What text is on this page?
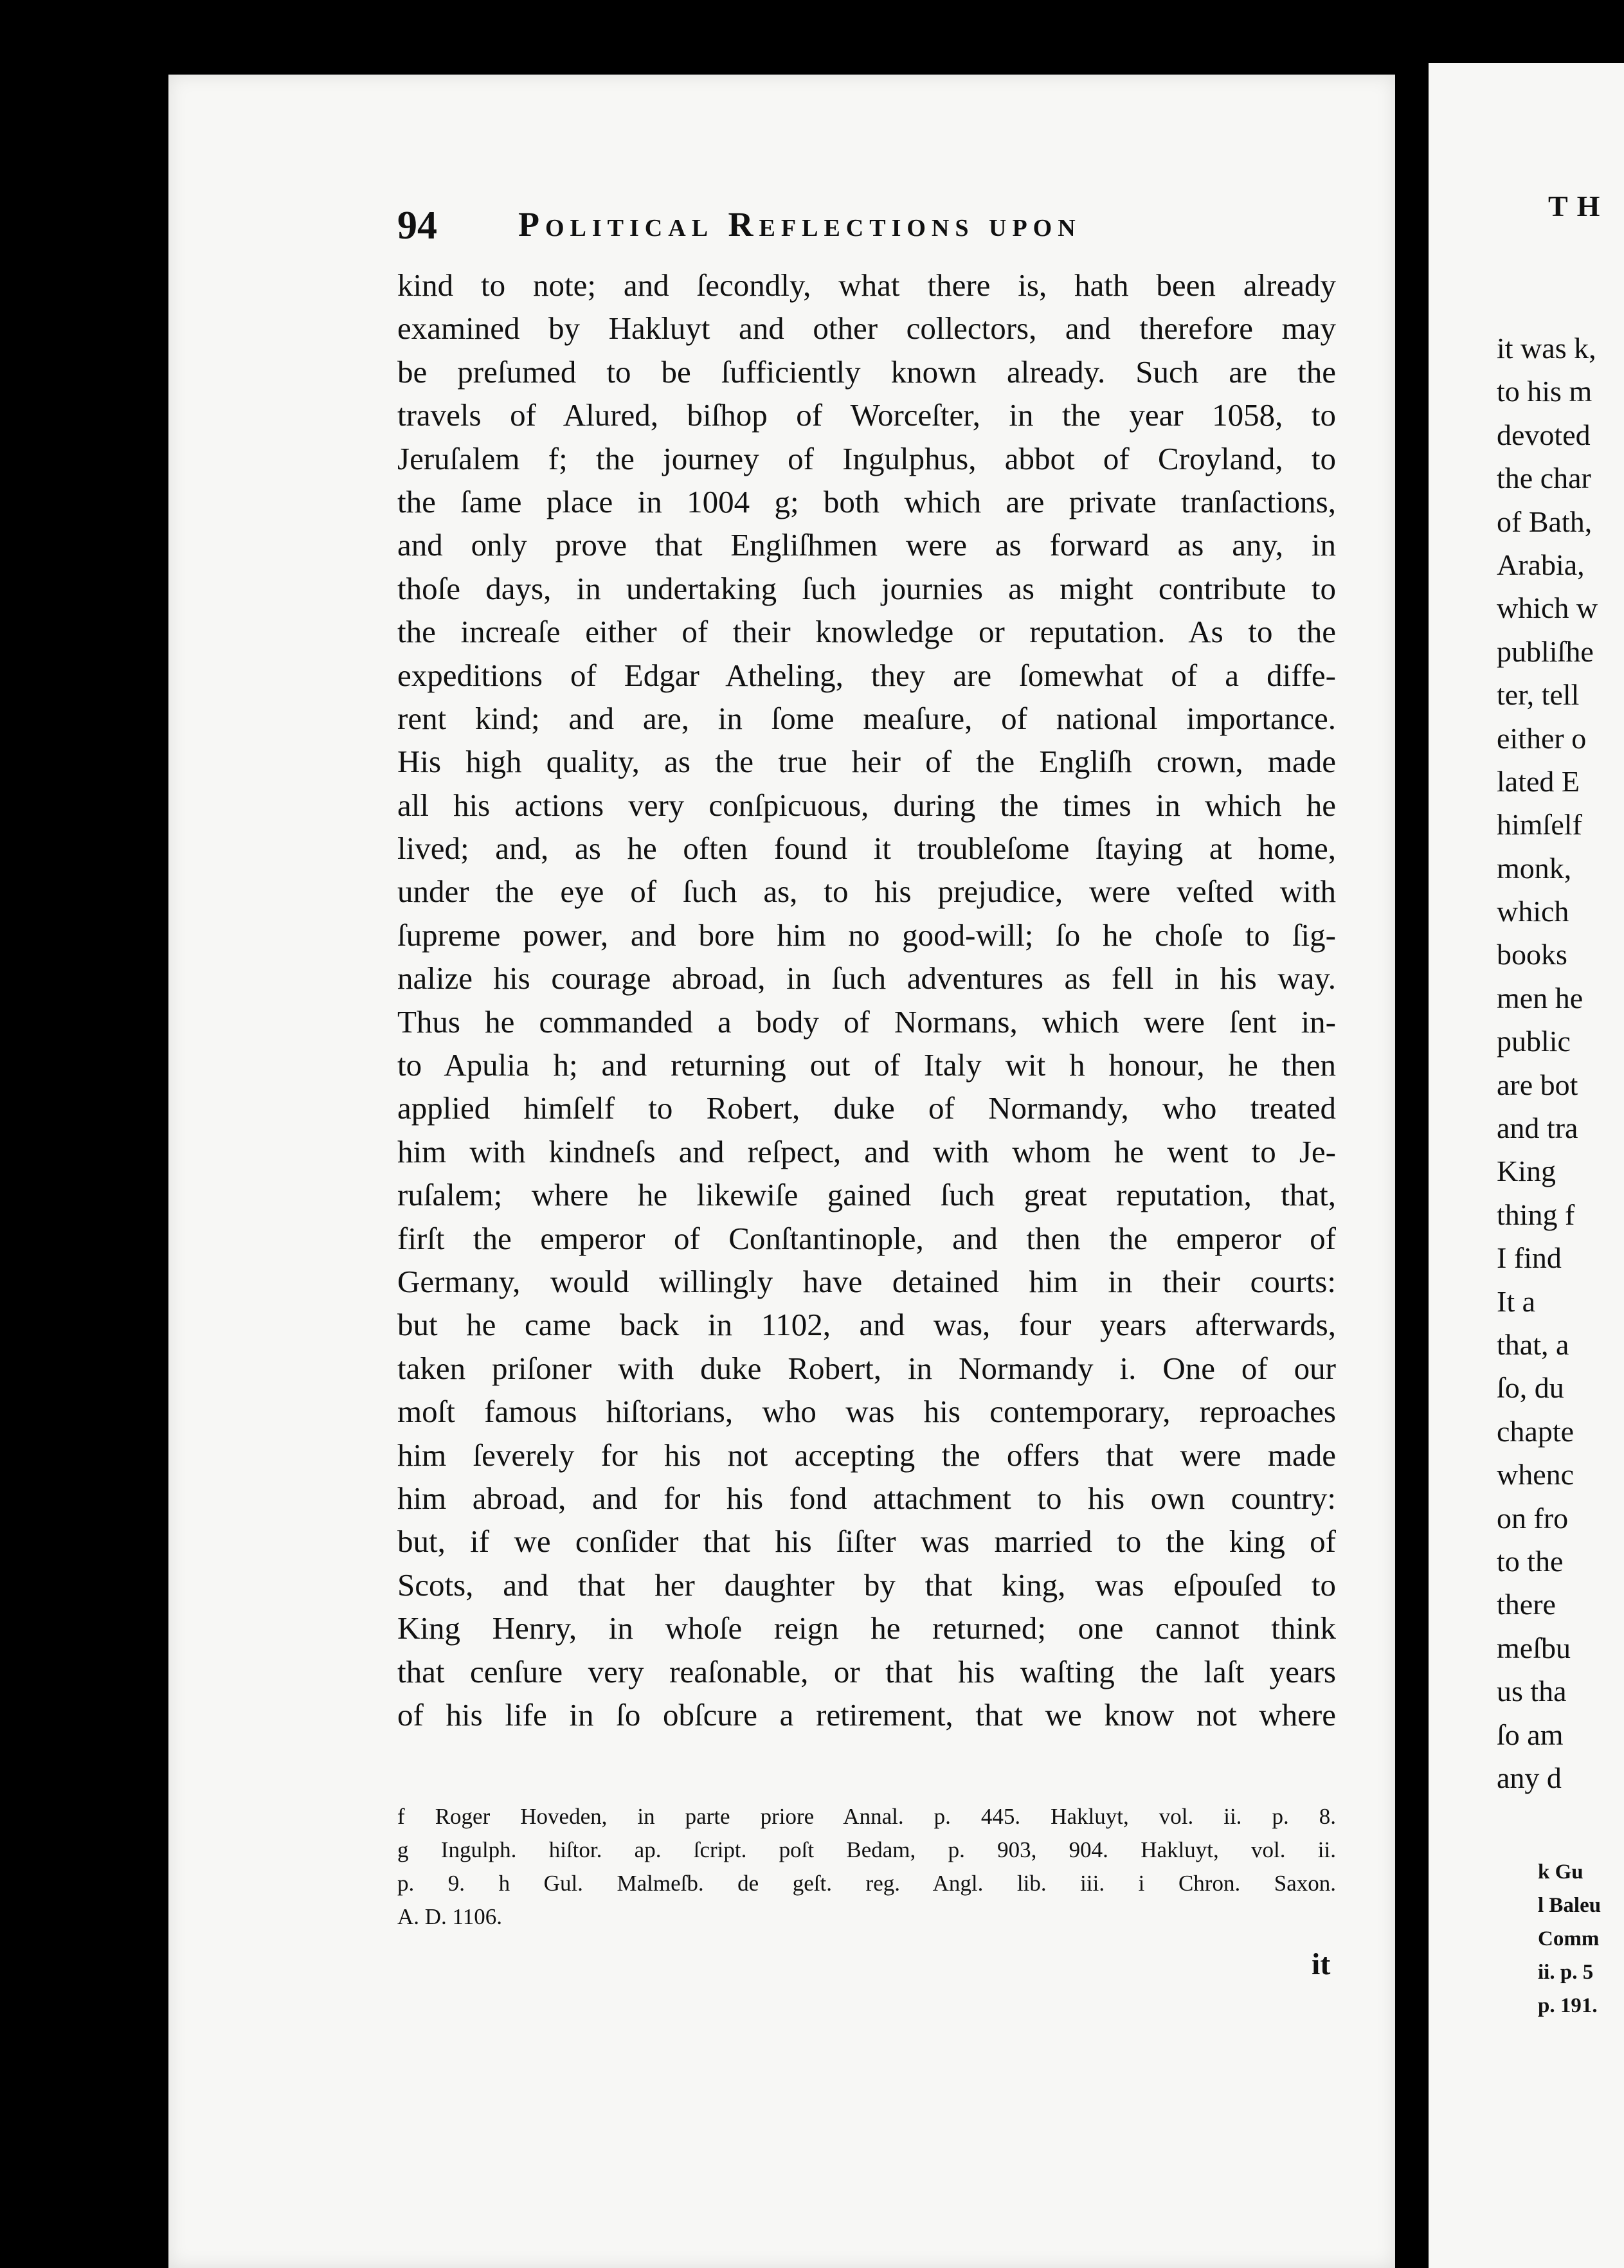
TH
it was k,
to his m
devoted
the char
of Bath,
Arabia,
which w
publiſhe
ter, tell
either o
lated E
himſelf
monk,
which
books
men he
public
are bot
and tra
King
thing f
I find
It a
that, a
ſo, du
chapte
whenc
on fro
to the
there
meſbu
us tha
ſo am
any d
k Gu
l Baleu
Comm
ii. p. 5
p. 191.
94 Political Reflections upon
kind to note; and ſecondly, what there is, hath been already
examined by Hakluyt and other collectors, and therefore may
be preſumed to be ſufficiently known already. Such are the
travels of Alured, biſhop of Worceſter, in the year 1058, to
Jeruſalem f; the journey of Ingulphus, abbot of Croyland, to
the ſame place in 1004 g; both which are private tranſactions,
and only prove that Engliſhmen were as forward as any, in
thoſe days, in undertaking ſuch journies as might contribute to
the increaſe either of their knowledge or reputation. As to the
expeditions of Edgar Atheling, they are ſomewhat of a diffe-
rent kind; and are, in ſome meaſure, of national importance.
His high quality, as the true heir of the Engliſh crown, made
all his actions very conſpicuous, during the times in which he
lived; and, as he often found it troubleſome ſtaying at home,
under the eye of ſuch as, to his prejudice, were veſted with
ſupreme power, and bore him no good-will; ſo he choſe to ſig-
nalize his courage abroad, in ſuch adventures as fell in his way.
Thus he commanded a body of Normans, which were ſent in-
to Apulia h; and returning out of Italy wit h honour, he then
applied himſelf to Robert, duke of Normandy, who treated
him with kindneſs and reſpect, and with whom he went to Je-
ruſalem; where he likewiſe gained ſuch great reputation, that,
firſt the emperor of Conſtantinople, and then the emperor of
Germany, would willingly have detained him in their courts:
but he came back in 1102, and was, four years afterwards,
taken priſoner with duke Robert, in Normandy i. One of our
moſt famous hiſtorians, who was his contemporary, reproaches
him ſeverely for his not accepting the offers that were made
him abroad, and for his fond attachment to his own country:
but, if we conſider that his ſiſter was married to the king of
Scots, and that her daughter by that king, was eſpouſed to
King Henry, in whoſe reign he returned; one cannot think
that cenſure very reaſonable, or that his waſting the laſt years
of his life in ſo obſcure a retirement, that we know not where
f Roger Hoveden, in parte priore Annal. p. 445. Hakluyt, vol. ii. p. 8.
g Ingulph. hiſtor. ap. ſcript. poſt Bedam, p. 903, 904. Hakluyt, vol. ii.
p. 9. h Gul. Malmeſb. de geſt. reg. Angl. lib. iii. i Chron. Saxon.
A. D. 1106.
it
